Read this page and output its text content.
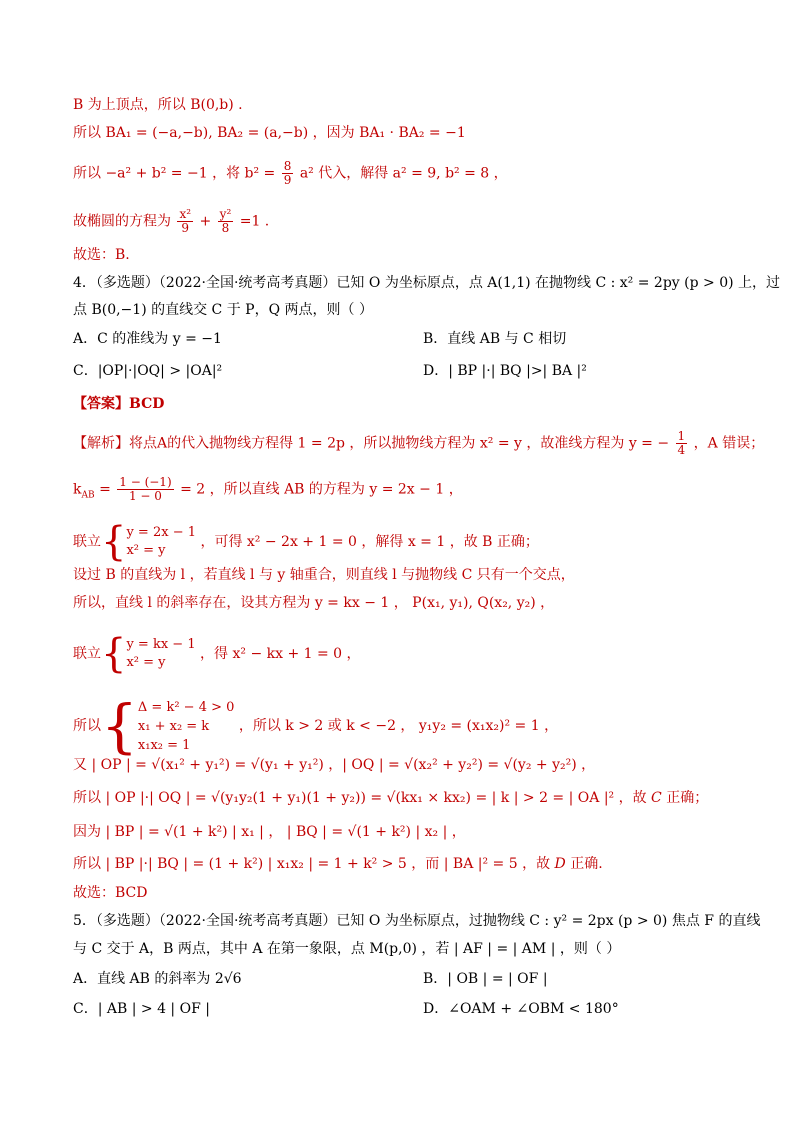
B 为上顶点，所以 B(0,b) .
所以 BA₁ = (−a,−b), BA₂ = (a,−b) ，因为 BA₁ · BA₂ = −1
所以 −a² + b² = −1 ，将 $b^2 = \frac{8}{9} a^2$ 代入，解得 a² = 9, b² = 8 ，
故椭圆的方程为 $\frac{\text{x²}}{9} + \frac{\text{y²}}{8} =1$ .
故选：B.
4．（多选题）（2022·全国·统考高考真题）已知 O 为坐标原点，点 A(1,1) 在抛物线 C : x² = 2py (p > 0) 上，过
点 B(0,−1) 的直线交 C 于 P，Q 两点，则（ ）
A．C 的准线为 y = −1	B．直线 AB 与 C 相切
C．|OP|·|OQ| > |OA|²	D．| BP |·| BQ |>| BA |²
【答案】BCD
【解析】将点A的代入抛物线方程得 1 = 2p ，所以抛物线方程为 x² = y ，故准线方程为 y = − $\frac{1}{4}$ ，A 错误；
$k_{AB} = \frac{1 - (-1)}{1 - 0} = 2$ ，所以直线 AB 的方程为 y = 2x − 1 ，
联立{ y = 2x − 1
x² = y
，可得 x² − 2x + 1 = 0 ，解得 x = 1 ，故 B 正确；
设过 B 的直线为 l ，若直线 l 与 y 轴重合，则直线 l 与抛物线 C 只有一个交点，
所以，直线 l 的斜率存在，设其方程为 y = kx − 1 ， P(x₁, y₁), Q(x₂, y₂) ，
联立{ y = kx − 1
x² = y
，得 x² − kx + 1 = 0 ，
所以{ Δ = k² − 4 > 0
x₁ + x₂ = k
x₁x₂ = 1
，所以 k > 2 或 k < −2 ， y₁y₂ = (x₁x₂)² = 1 ，
又 | OP | = √(x₁² + y₁²) = √(y₁ + y₁²) ，| OQ | = √(x₂² + y₂²) = √(y₂ + y₂²) ，
所以 | OP |·| OQ | = √(y₁y₂(1 + y₁)(1 + y₂)) = √(kx₁ × kx₂) = | k | > 2 = | OA |² ，故 C 正确；
因为 | BP | = √(1 + k²) | x₁ | ， | BQ | = √(1 + k²) | x₂ | ，
所以 | BP |·| BQ | = (1 + k²) | x₁x₂ | = 1 + k² > 5 ，而 | BA |² = 5 ，故 D 正确.
故选：BCD
5．（多选题）（2022·全国·统考高考真题）已知 O 为坐标原点，过抛物线 C : y² = 2px (p > 0) 焦点 F 的直线
与 C 交于 A，B 两点，其中 A 在第一象限，点 M(p,0) ，若 | AF | = | AM | ，则（ ）
A．直线 AB 的斜率为 2√6	B．| OB | = | OF |
C．| AB | > 4 | OF |	D．∠OAM + ∠OBM < 180°
